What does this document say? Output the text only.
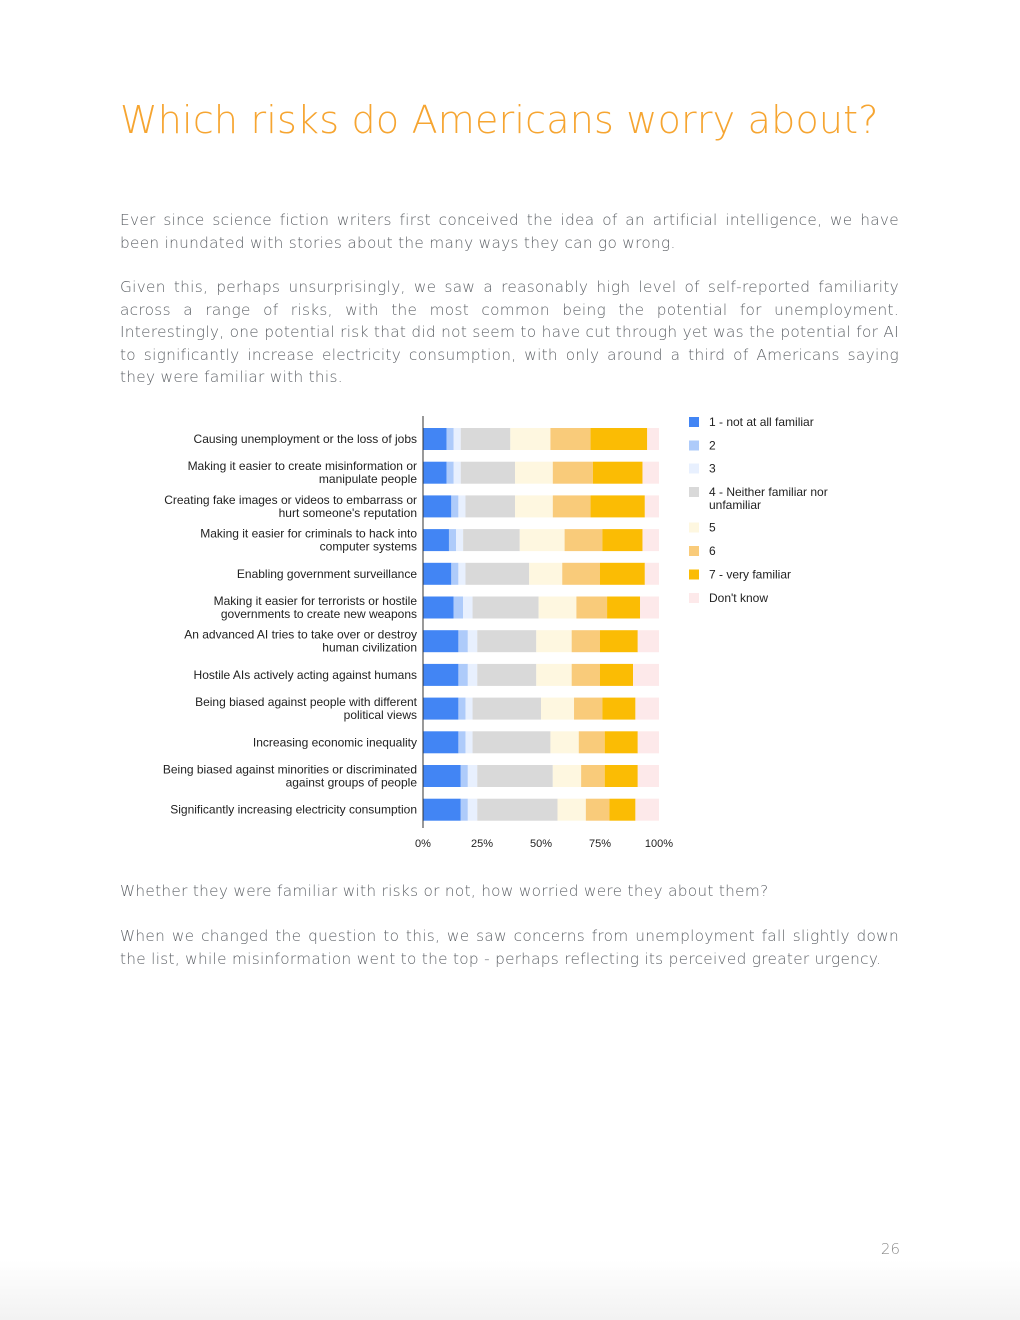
Which risks do Americans worry about?

Ever since science fiction writers first conceived the idea of an artificial intelligence, we have been inundated with stories about the many ways they can go wrong.

Given this, perhaps unsurprisingly, we saw a reasonably high level of self-reported familiarity across a range of risks, with the most common being the potential for unemployment. Interestingly, one potential risk that did not seem to have cut through yet was the potential for AI to significantly increase electricity consumption, with only around a third of Americans saying they were familiar with this.

Causing unemployment or the loss of jobs
Making it easier to create misinformation or manipulate people
Creating fake images or videos to embarrass or hurt someone's reputation
Making it easier for criminals to hack into computer systems
Enabling government surveillance
Making it easier for terrorists or hostile governments to create new weapons
An advanced AI tries to take over or destroy human civilization
Hostile AIs actively acting against humans
Being biased against people with different political views
Increasing economic inequality
Being biased against minorities or discriminated against groups of people
Significantly increasing electricity consumption
0%	25%	50%	75%	100%
1 - not at all familiar
2
3
4 - Neither familiar nor unfamiliar
5
6
7 - very familiar
Don't know

Whether they were familiar with risks or not, how worried were they about them?

When we changed the question to this, we saw concerns from unemployment fall slightly down the list, while misinformation went to the top - perhaps reflecting its perceived greater urgency.

26
